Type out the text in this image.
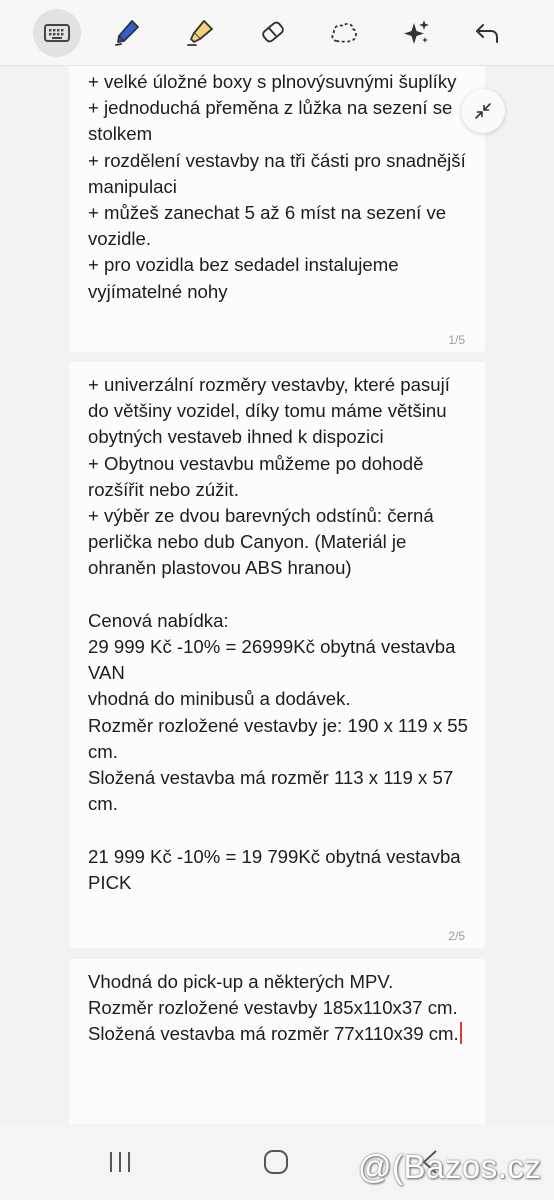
+ velké úložné boxy s plnovýsuvnými šuplíky
+ jednoduchá přeměna z lůžka na sezení se stolkem
+ rozdělení vestavby na tři části pro snadnější manipulaci
+ můžeš zanechat 5 až 6 míst na sezení ve vozidle.
+ pro vozidla bez sedadel instalujeme vyjímatelné nohy
1/5
+ univerzální rozměry vestavby, které pasují do většiny vozidel, díky tomu máme většinu obytných vestaveb ihned k dispozici
+ Obytnou vestavbu můžeme po dohodě rozšířit nebo zúžit.
+ výběr ze dvou barevných odstínů: černá perlička nebo dub Canyon. (Materiál je ohraněn plastovou ABS hranou)

Cenová nabídka:
29 999 Kč -10% = 26999Kč obytná vestavba VAN
vhodná do minibusů a dodávek.
Rozměr rozložené vestavby je: 190 x 119 x 55 cm.
Složená vestavba má rozměr 113 x 119 x 57 cm.

21 999 Kč -10% = 19 799Kč obytná vestavba PICK
2/5
Vhodná do pick-up a některých MPV.
Rozměr rozložené vestavby 185x110x37 cm.
Složená vestavba má rozměr 77x110x39 cm.
@(Bazos.cz
